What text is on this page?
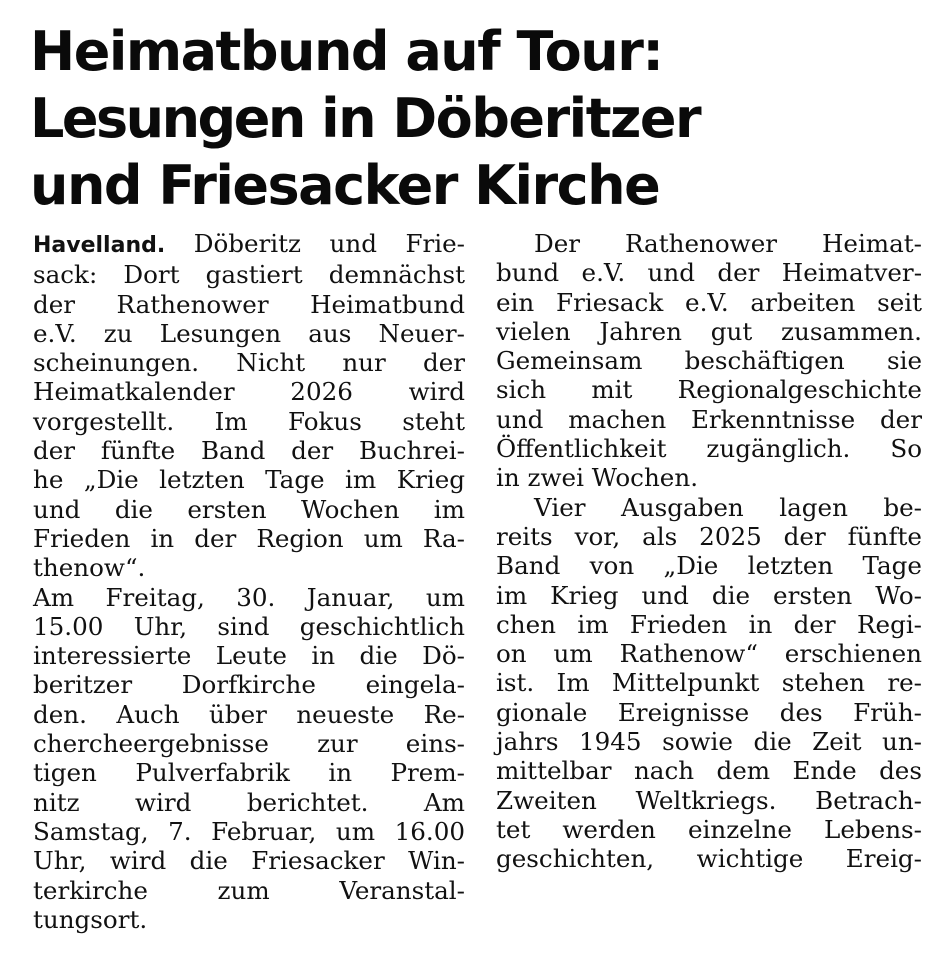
Heimatbund auf Tour:
Lesungen in Döberitzer
und Friesacker Kirche
Havelland. Döberitz und Frie-
sack: Dort gastiert demnächst
der Rathenower Heimatbund
e.V. zu Lesungen aus Neuer-
scheinungen. Nicht nur der
Heimatkalender 2026 wird
vorgestellt. Im Fokus steht
der fünfte Band der Buchrei-
he „Die letzten Tage im Krieg
und die ersten Wochen im
Frieden in der Region um Ra-
thenow“.
Am Freitag, 30. Januar, um
15.00 Uhr, sind geschichtlich
interessierte Leute in die Dö-
beritzer Dorfkirche eingela-
den. Auch über neueste Re-
chercheergebnisse zur eins-
tigen Pulverfabrik in Prem-
nitz wird berichtet. Am
Samstag, 7. Februar, um 16.00
Uhr, wird die Friesacker Win-
terkirche zum Veranstal-
tungsort.
Der Rathenower Heimat-
bund e.V. und der Heimatver-
ein Friesack e.V. arbeiten seit
vielen Jahren gut zusammen.
Gemeinsam beschäftigen sie
sich mit Regionalgeschichte
und machen Erkenntnisse der
Öffentlichkeit zugänglich. So
in zwei Wochen.
Vier Ausgaben lagen be-
reits vor, als 2025 der fünfte
Band von „Die letzten Tage
im Krieg und die ersten Wo-
chen im Frieden in der Regi-
on um Rathenow“ erschienen
ist. Im Mittelpunkt stehen re-
gionale Ereignisse des Früh-
jahrs 1945 sowie die Zeit un-
mittelbar nach dem Ende des
Zweiten Weltkriegs. Betrach-
tet werden einzelne Lebens-
geschichten, wichtige Ereig-
